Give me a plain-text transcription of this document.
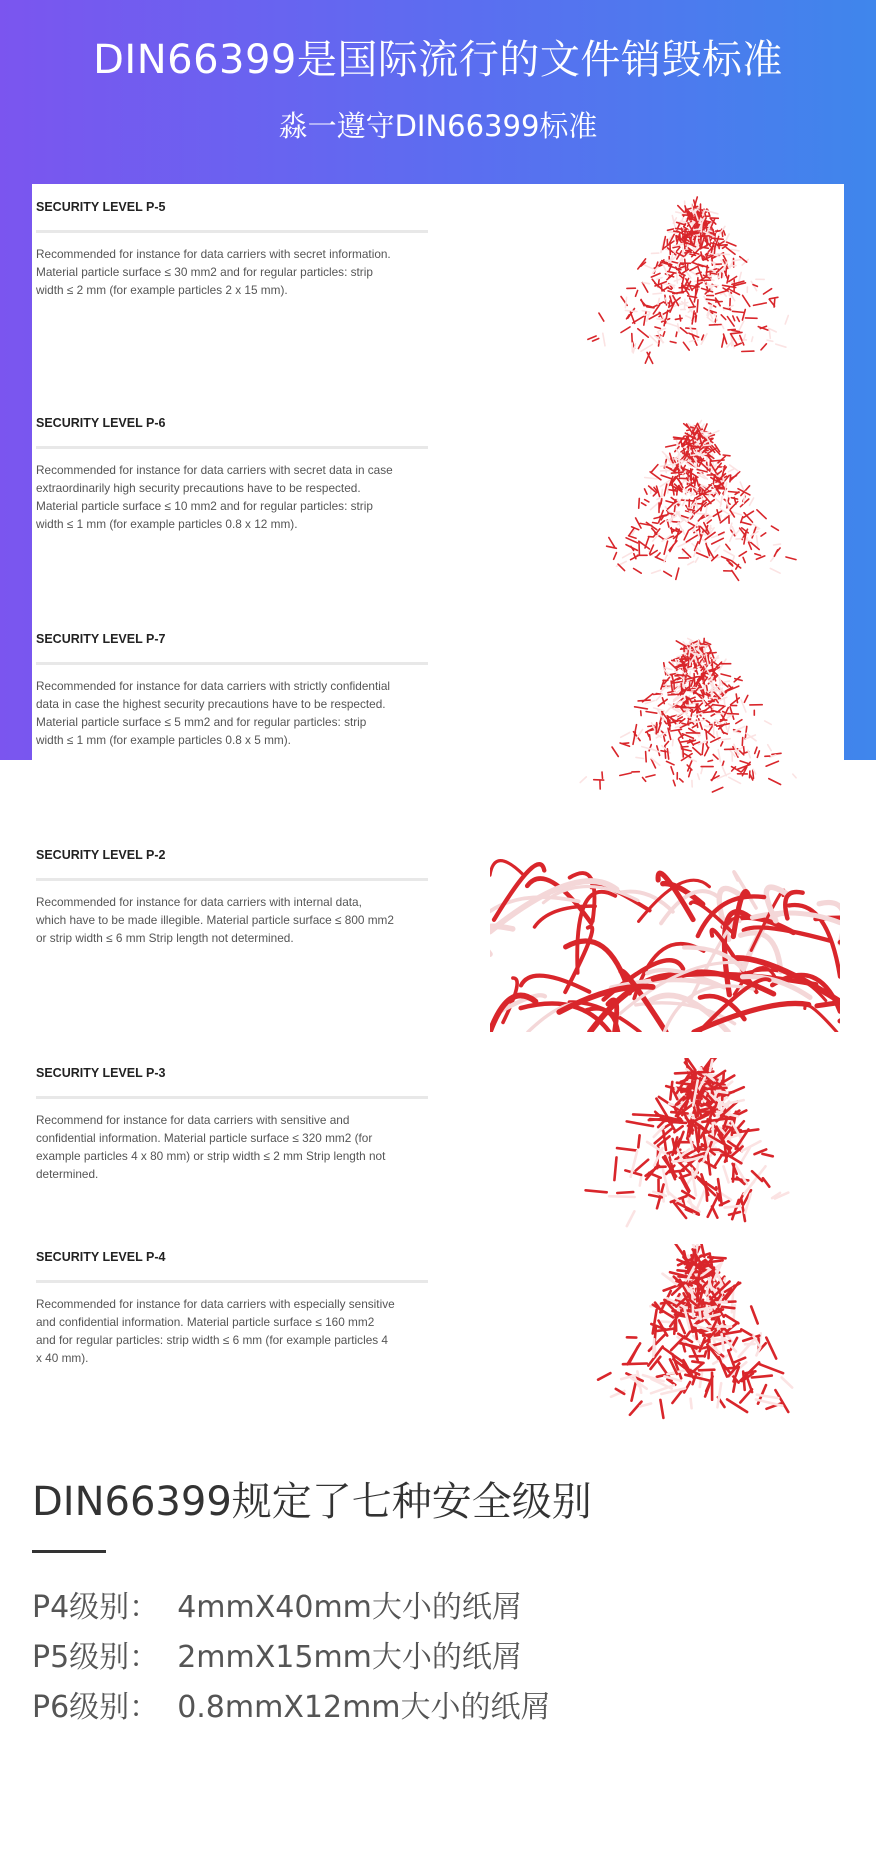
DIN66399是国际流行的文件销毁标准
淼一遵守DIN66399标准
SECURITY LEVEL P-5
Recommended for instance for data carriers with secret information.
Material particle surface ≤ 30 mm2 and for regular particles: strip
width ≤ 2 mm (for example particles 2 x 15 mm).
SECURITY LEVEL P-6
Recommended for instance for data carriers with secret data in case
extraordinarily high security precautions have to be respected.
Material particle surface ≤ 10 mm2 and for regular particles: strip
width ≤ 1 mm (for example particles 0.8 x 12 mm).
SECURITY LEVEL P-7
Recommended for instance for data carriers with strictly confidential
data in case the highest security precautions have to be respected.
Material particle surface ≤ 5 mm2 and for regular particles: strip
width ≤ 1 mm (for example particles 0.8 x 5 mm).
SECURITY LEVEL P-2
Recommended for instance for data carriers with internal data,
which have to be made illegible. Material particle surface ≤ 800 mm2
or strip width ≤ 6 mm Strip length not determined.
SECURITY LEVEL P-3
Recommend for instance for data carriers with sensitive and
confidential information. Material particle surface ≤ 320 mm2 (for
example particles 4 x 80 mm) or strip width ≤ 2 mm Strip length not
determined.
SECURITY LEVEL P-4
Recommended for instance for data carriers with especially sensitive
and confidential information. Material particle surface ≤ 160 mm2
and for regular particles: strip width ≤ 6 mm (for example particles 4
x 40 mm).
DIN66399规定了七种安全级别
P4级别： 4mmX40mm大小的纸屑
P5级别： 2mmX15mm大小的纸屑
P6级别： 0.8mmX12mm大小的纸屑
